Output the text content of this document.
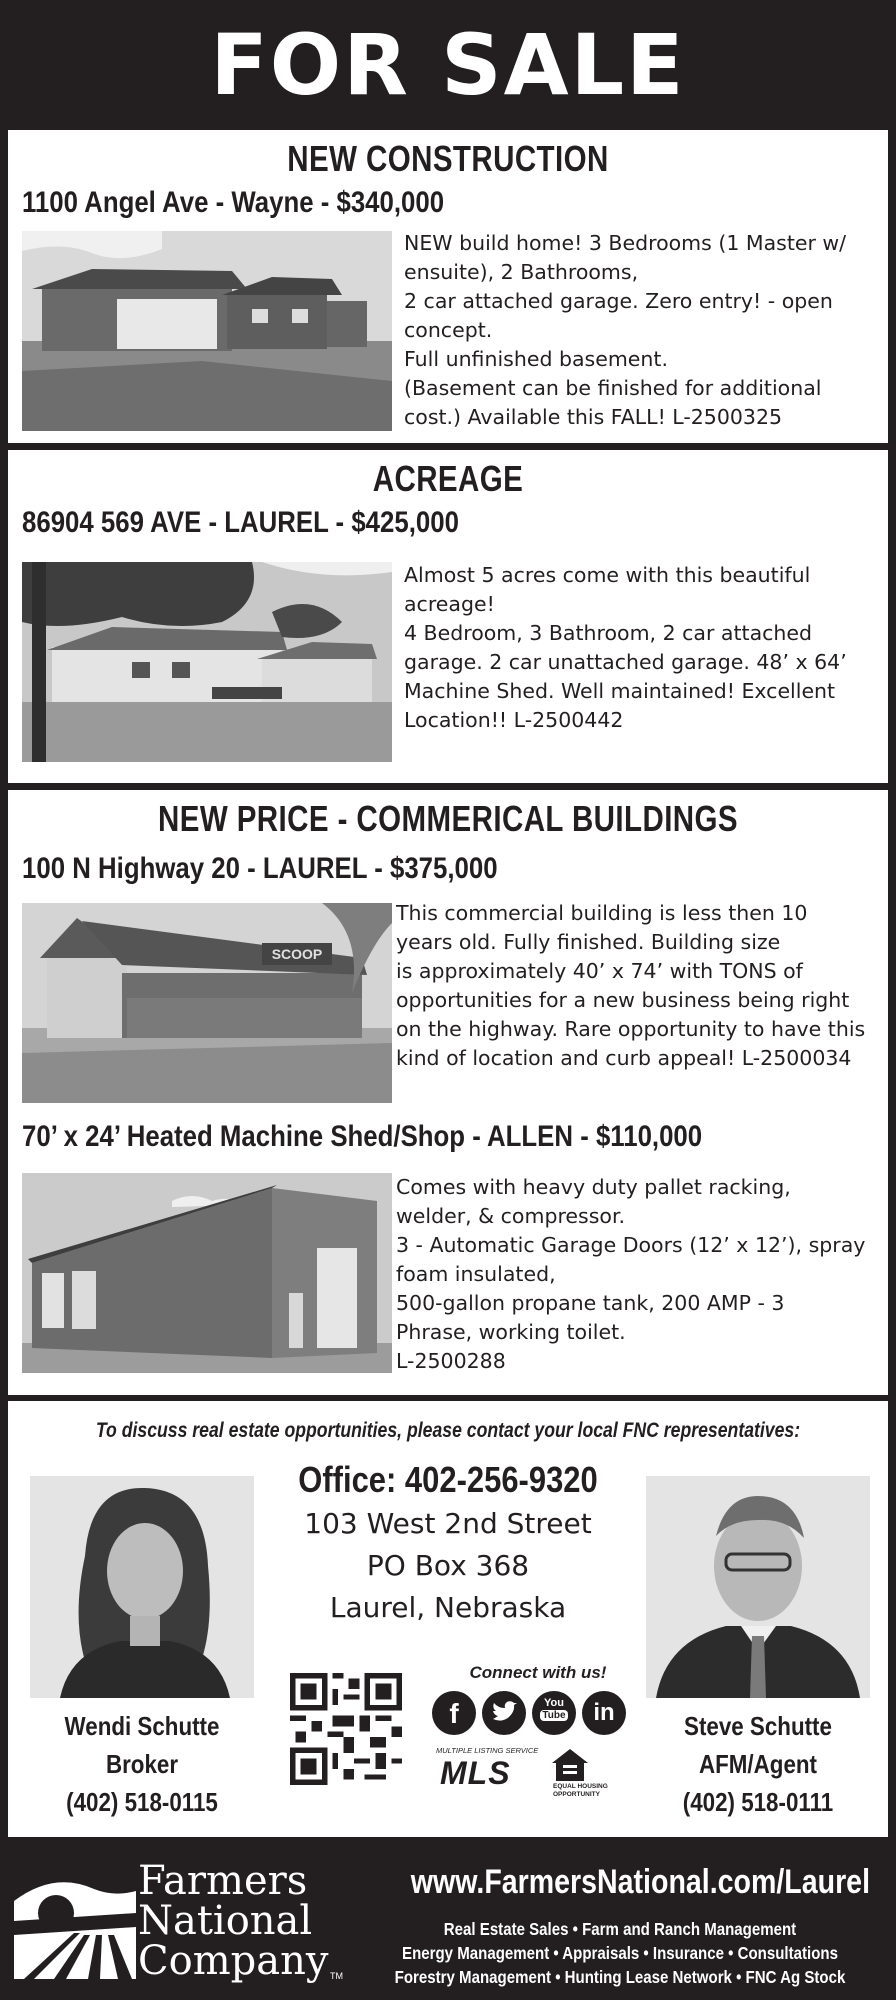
FOR SALE
NEW CONSTRUCTION
1100 Angel Ave - Wayne - $340,000
NEW build home! 3 Bedrooms (1 Master w/
ensuite), 2 Bathrooms,
2 car attached garage. Zero entry! - open
concept.
Full unfinished basement.
(Basement can be finished for additional
cost.) Available this FALL! L-2500325
ACREAGE
86904 569 AVE - LAUREL - $425,000
Almost 5 acres come with this beautiful
acreage!
4 Bedroom, 3 Bathroom, 2 car attached
garage. 2 car unattached garage. 48’ x 64’
Machine Shed. Well maintained! Excellent
Location!! L-2500442
NEW PRICE - COMMERICAL BUILDINGS
100 N Highway 20 - LAUREL - $375,000
SCOOP
This commercial building is less then 10
years old. Fully finished. Building size
is approximately 40’ x 74’ with TONS of
opportunities for a new business being right
on the highway. Rare opportunity to have this
kind of location and curb appeal! L-2500034
70’ x 24’ Heated Machine Shed/Shop - ALLEN - $110,000
Comes with heavy duty pallet racking,
welder, & compressor.
3 - Automatic Garage Doors (12’ x 12’), spray
foam insulated,
500-gallon propane tank, 200 AMP - 3
Phrase, working toilet.
L-2500288
To discuss real estate opportunities, please contact your local FNC representatives:
Wendi Schutte
Broker
(402) 518-0115
Office: 402-256-9320
103 West 2nd Street
PO Box 368
Laurel, Nebraska
Connect with us!
f	You
Tube	in
MULTIPLE LISTING SERVICE
MLS	EQUAL HOUSING
OPPORTUNITY
Steve Schutte
AFM/Agent
(402) 518-0111
Farmers
National
Company TM
www.FarmersNational.com/Laurel
Real Estate Sales • Farm and Ranch Management
Energy Management • Appraisals • Insurance • Consultations
Forestry Management • Hunting Lease Network • FNC Ag Stock
